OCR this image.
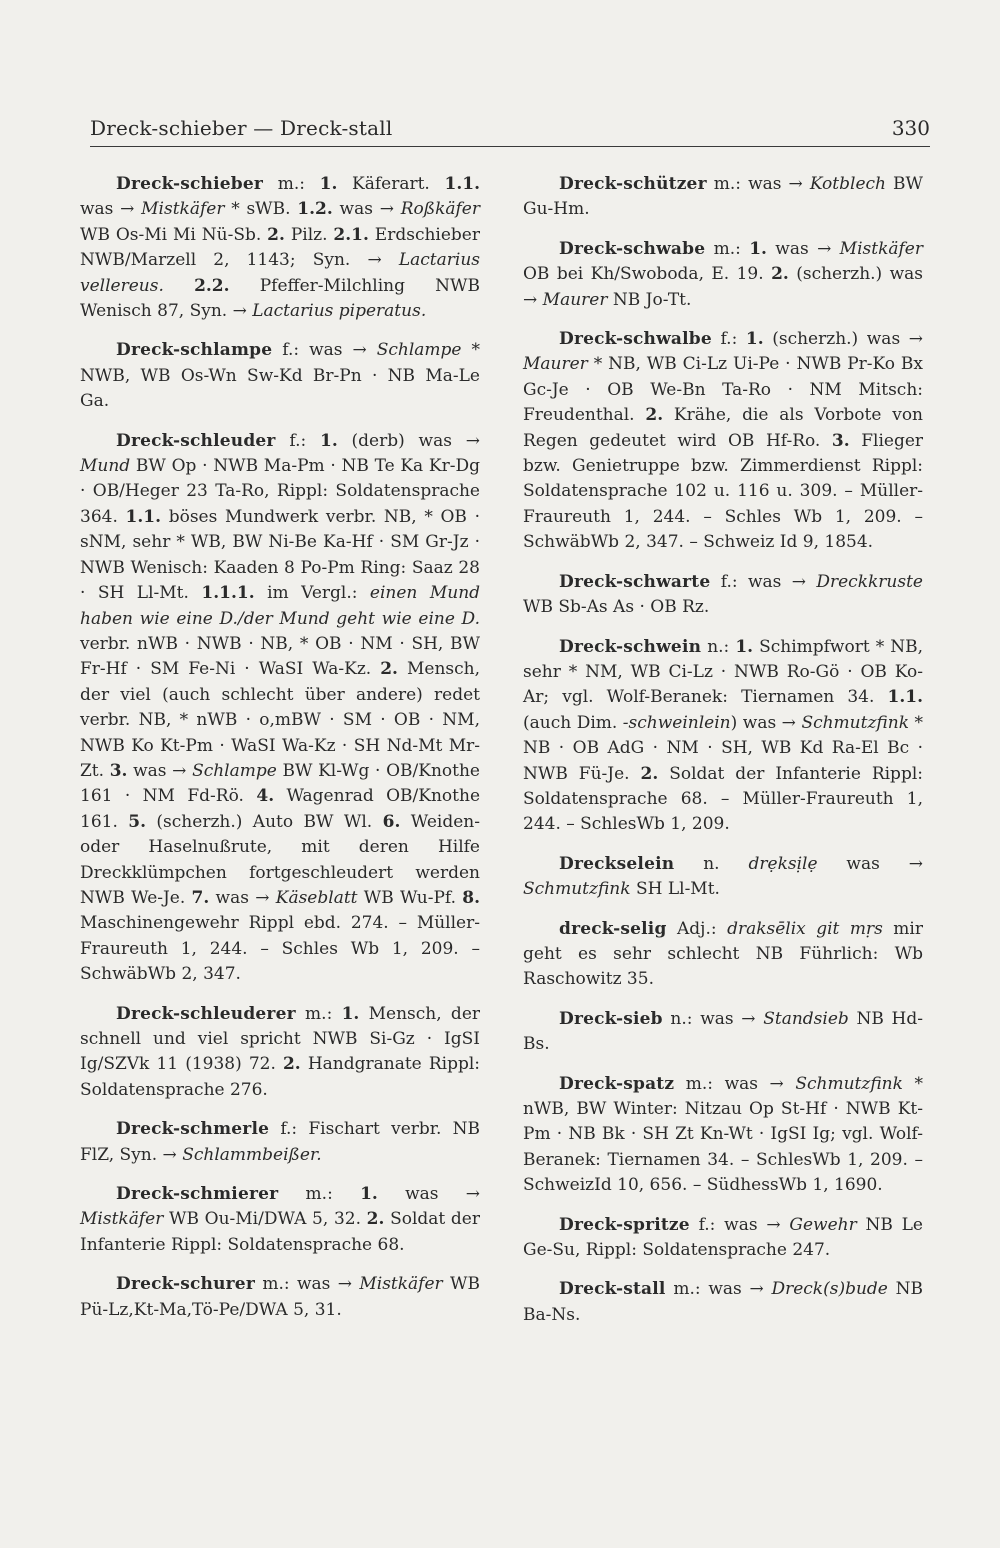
Dreck-schieber — Dreck-stall	330

Dreck-schieber m.: 1. Käferart. 1.1. was → Mistkäfer * sWB. 1.2. was → Roßkäfer WB Os-Mi Mi Nü-Sb. 2. Pilz. 2.1. Erdschieber NWB/Marzell 2, 1143; Syn. → Lactarius vellereus. 2.2. Pfeffer-Milchling NWB Wenisch 87, Syn. → Lactarius piperatus.

Dreck-schlampe f.: was → Schlampe * NWB, WB Os-Wn Sw-Kd Br-Pn · NB Ma-Le Ga.

Dreck-schleuder f.: 1. (derb) was → Mund BW Op · NWB Ma-Pm · NB Te Ka Kr-Dg · OB/Heger 23 Ta-Ro, Rippl: Soldatensprache 364. 1.1. böses Mundwerk verbr. NB, * OB · sNM, sehr * WB, BW Ni-Be Ka-Hf · SM Gr-Jz · NWB Wenisch: Kaaden 8 Po-Pm Ring: Saaz 28 · SH Ll-Mt. 1.1.1. im Vergl.: einen Mund haben wie eine D./der Mund geht wie eine D. verbr. nWB · NWB · NB, * OB · NM · SH, BW Fr-Hf · SM Fe-Ni · WaSI Wa-Kz. 2. Mensch, der viel (auch schlecht über andere) redet verbr. NB, * nWB · o,mBW · SM · OB · NM, NWB Ko Kt-Pm · WaSI Wa-Kz · SH Nd-Mt Mr-Zt. 3. was → Schlampe BW Kl-Wg · OB/Knothe 161 · NM Fd-Rö. 4. Wagenrad OB/Knothe 161. 5. (scherzh.) Auto BW Wl. 6. Weiden- oder Haselnußrute, mit deren Hilfe Dreckklümpchen fortgeschleudert werden NWB We-Je. 7. was → Käseblatt WB Wu-Pf. 8. Maschinengewehr Rippl ebd. 274. – Müller-Fraureuth 1, 244. – Schles Wb 1, 209. – SchwäbWb 2, 347.

Dreck-schleuderer m.: 1. Mensch, der schnell und viel spricht NWB Si-Gz · IgSI Ig/SZVk 11 (1938) 72. 2. Handgranate Rippl: Soldatensprache 276.

Dreck-schmerle f.: Fischart verbr. NB FlZ, Syn. → Schlammbeißer.

Dreck-schmierer m.: 1. was → Mistkäfer WB Ou-Mi/DWA 5, 32. 2. Soldat der Infanterie Rippl: Soldatensprache 68.

Dreck-schurer m.: was → Mistkäfer WB Pü-Lz,Kt-Ma,Tö-Pe/DWA 5, 31.

Dreck-schützer m.: was → Kotblech BW Gu-Hm.

Dreck-schwabe m.: 1. was → Mistkäfer OB bei Kh/Swoboda, E. 19. 2. (scherzh.) was → Maurer NB Jo-Tt.

Dreck-schwalbe f.: 1. (scherzh.) was → Maurer * NB, WB Ci-Lz Ui-Pe · NWB Pr-Ko Bx Gc-Je · OB We-Bn Ta-Ro · NM Mitsch: Freudenthal. 2. Krähe, die als Vorbote von Regen gedeutet wird OB Hf-Ro. 3. Flieger bzw. Genietruppe bzw. Zimmerdienst Rippl: Soldatensprache 102 u. 116 u. 309. – Müller-Fraureuth 1, 244. – Schles Wb 1, 209. – SchwäbWb 2, 347. – Schweiz Id 9, 1854.

Dreck-schwarte f.: was → Dreckkruste WB Sb-As As · OB Rz.

Dreck-schwein n.: 1. Schimpfwort * NB, sehr * NM, WB Ci-Lz · NWB Ro-Gö · OB Ko-Ar; vgl. Wolf-Beranek: Tiernamen 34. 1.1. (auch Dim. -schweinlein) was → Schmutzfink * NB · OB AdG · NM · SH, WB Kd Ra-El Bc · NWB Fü-Je. 2. Soldat der Infanterie Rippl: Soldatensprache 68. – Müller-Fraureuth 1, 244. – SchlesWb 1, 209.

Dreckselein n. drẹksịlẹ was → Schmutzfink SH Ll-Mt.

dreck-selig Adj.: draksēlix git mṛs mir geht es sehr schlecht NB Führlich: Wb Raschowitz 35.

Dreck-sieb n.: was → Standsieb NB Hd-Bs.

Dreck-spatz m.: was → Schmutzfink * nWB, BW Winter: Nitzau Op St-Hf · NWB Kt-Pm · NB Bk · SH Zt Kn-Wt · IgSI Ig; vgl. Wolf-Beranek: Tiernamen 34. – SchlesWb 1, 209. – SchweizId 10, 656. – SüdhessWb 1, 1690.

Dreck-spritze f.: was → Gewehr NB Le Ge-Su, Rippl: Soldatensprache 247.

Dreck-stall m.: was → Dreck(s)bude NB Ba-Ns.
